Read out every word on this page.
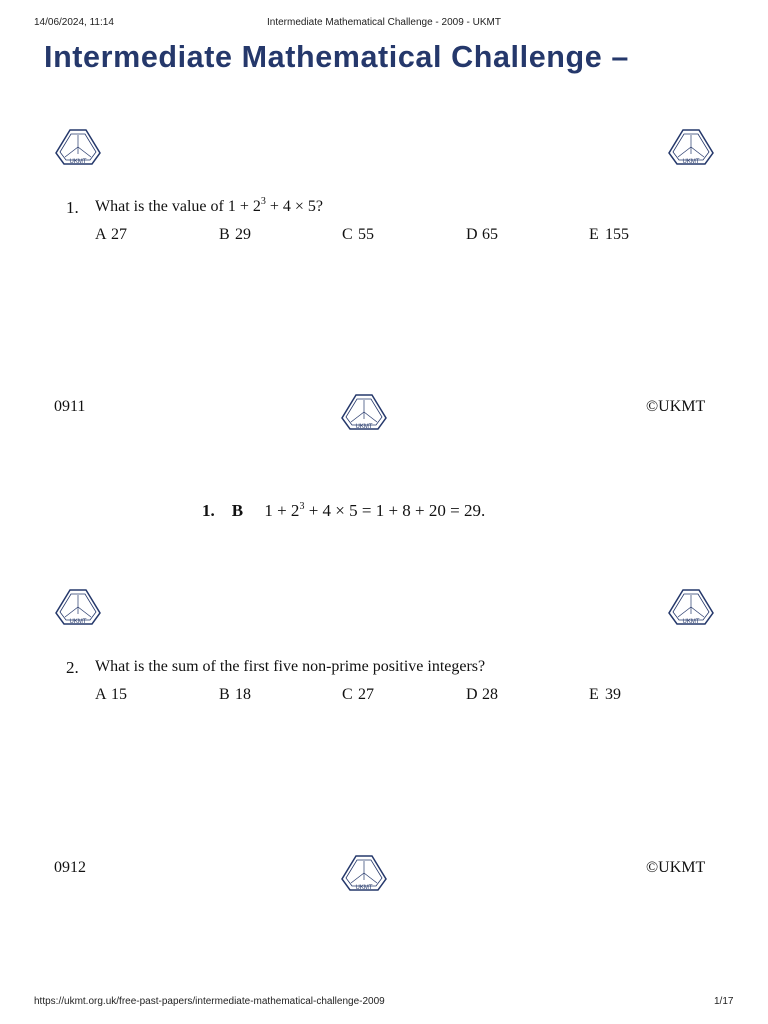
14/06/2024, 11:14	Intermediate Mathematical Challenge - 2009 - UKMT
Intermediate Mathematical Challenge –
UKMT	UKMT
1. What is the value of $1 + 2^3 + 4 \times 5$?
A 27	B 29	C 55	D 65	E 155
0911
UKMT
©UKMT
1. B $1 + 2^3 + 4 \times 5 = 1 + 8 + 20 = 29$.
UKMT	UKMT
2. What is the sum of the first five non-prime positive integers?
A 15	B 18	C 27	D 28	E 39
0912
UKMT
©UKMT
https://ukmt.org.uk/free-past-papers/intermediate-mathematical-challenge-2009	1/17
